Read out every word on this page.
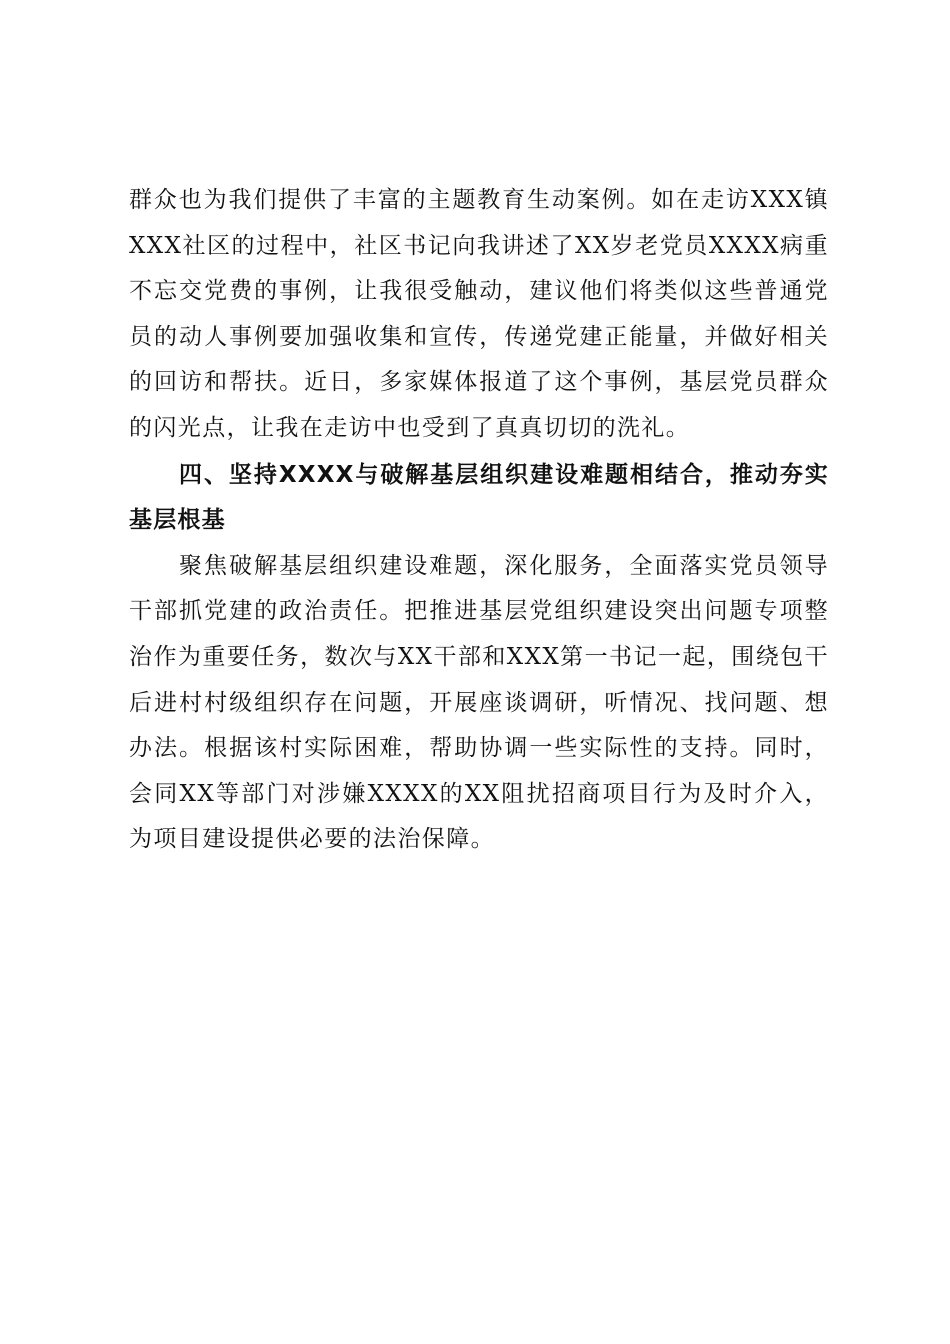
群众也为我们提供了丰富的主题教育生动案例。如在走访XXX镇XXX社区的过程中，社区书记向我讲述了XX岁老党员XXXX病重不忘交党费的事例，让我很受触动，建议他们将类似这些普通党员的动人事例要加强收集和宣传，传递党建正能量，并做好相关的回访和帮扶。近日，多家媒体报道了这个事例，基层党员群众的闪光点，让我在走访中也受到了真真切切的洗礼。

四、坚持XXXX与破解基层组织建设难题相结合，推动夯实基层根基

聚焦破解基层组织建设难题，深化服务，全面落实党员领导干部抓党建的政治责任。把推进基层党组织建设突出问题专项整治作为重要任务，数次与XX干部和XXX第一书记一起，围绕包干后进村村级组织存在问题，开展座谈调研，听情况、找问题、想办法。根据该村实际困难，帮助协调一些实际性的支持。同时，会同XX等部门对涉嫌XXXX的XX阻扰招商项目行为及时介入，为项目建设提供必要的法治保障。
